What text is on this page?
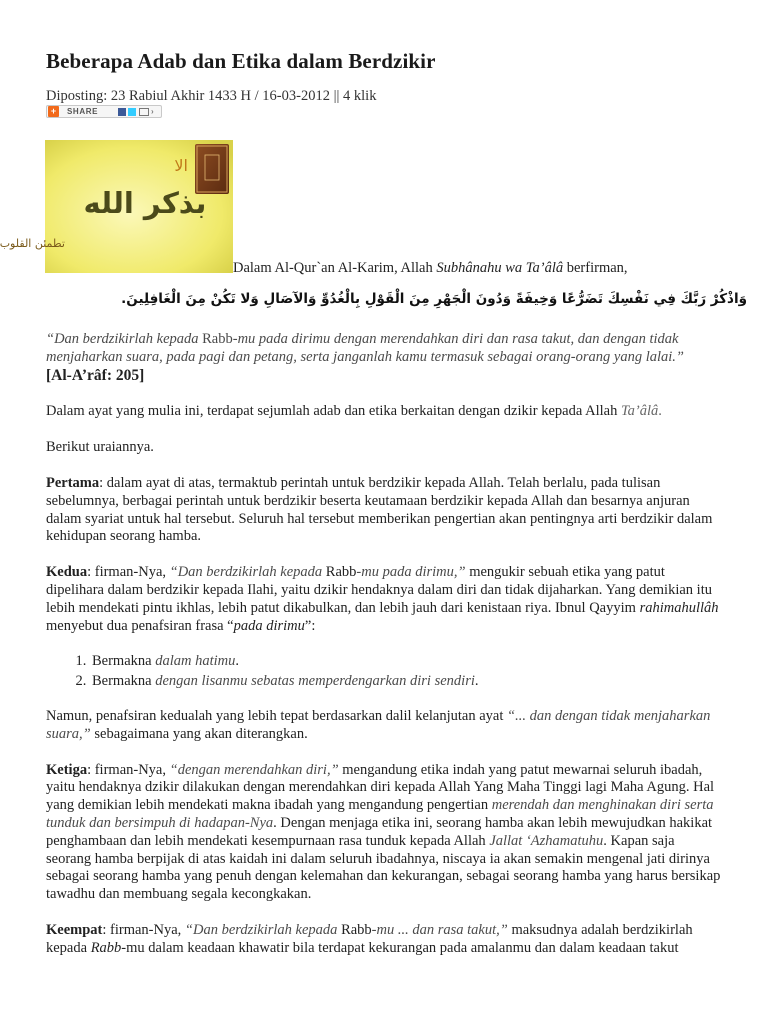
Beberapa Adab dan Etika dalam Berdzikir
Diposting: 23 Rabiul Akhir 1433 H / 16-03-2012 || 4 klik
+	SHARE	›
الا
بذكر الله
تطمئن القلوب
Dalam Al-Qur`an Al-Karim, Allah Subhânahu wa Ta’âlâ berfirman,
وَاذْكُرْ رَبَّكَ فِي نَفْسِكَ تَضَرُّعًا وَخِيفَةً وَدُونَ الْجَهْرِ مِنَ الْقَوْلِ بِالْغُدُوِّ وَالآصَالِ وَلا تَكُنْ مِنَ الْغَافِلِينَ.

“Dan berdzikirlah kepada Rabb-mu pada dirimu dengan merendahkan diri dan rasa takut, dan dengan tidak menjaharkan suara, pada pagi dan petang, serta janganlah kamu termasuk sebagai orang-orang yang lalai.”

[Al-A’râf: 205]

Dalam ayat yang mulia ini, terdapat sejumlah adab dan etika berkaitan dengan dzikir kepada Allah Ta’âlâ.

Berikut uraiannya.

Pertama: dalam ayat di atas, termaktub perintah untuk berdzikir kepada Allah. Telah berlalu, pada tulisan sebelumnya, berbagai perintah untuk berdzikir beserta keutamaan berdzikir kepada Allah dan besarnya anjuran dalam syariat untuk hal tersebut. Seluruh hal tersebut memberikan pengertian akan pentingnya arti berdzikir dalam kehidupan seorang hamba.

Kedua: firman-Nya, “Dan berdzikirlah kepada Rabb-mu pada dirimu,” mengukir sebuah etika yang patut dipelihara dalam berdzikir kepada Ilahi, yaitu dzikir hendaknya dalam diri dan tidak dijaharkan. Yang demikian itu lebih mendekati pintu ikhlas, lebih patut dikabulkan, dan lebih jauh dari kenistaan riya. Ibnul Qayyim rahimahullâh menyebut dua penafsiran frasa “pada dirimu”:

1. Bermakna dalam hatimu.
2. Bermakna dengan lisanmu sebatas memperdengarkan diri sendiri.

Namun, penafsiran kedualah yang lebih tepat berdasarkan dalil kelanjutan ayat “... dan dengan tidak menjaharkan suara,” sebagaimana yang akan diterangkan.

Ketiga: firman-Nya, “dengan merendahkan diri,” mengandung etika indah yang patut mewarnai seluruh ibadah, yaitu hendaknya dzikir dilakukan dengan merendahkan diri kepada Allah Yang Maha Tinggi lagi Maha Agung. Hal yang demikian lebih mendekati makna ibadah yang mengandung pengertian merendah dan menghinakan diri serta tunduk dan bersimpuh di hadapan-Nya. Dengan menjaga etika ini, seorang hamba akan lebih mewujudkan hakikat penghambaan dan lebih mendekati kesempurnaan rasa tunduk kepada Allah Jallat ‘Azhamatuhu. Kapan saja seorang hamba berpijak di atas kaidah ini dalam seluruh ibadahnya, niscaya ia akan semakin mengenal jati dirinya sebagai seorang hamba yang penuh dengan kelemahan dan kekurangan, sebagai seorang hamba yang harus bersikap tawadhu dan membuang segala kecongkakan.

Keempat: firman-Nya, “Dan berdzikirlah kepada Rabb-mu ... dan rasa takut,” maksudnya adalah berdzikirlah kepada Rabb-mu dalam keadaan khawatir bila terdapat kekurangan pada amalanmu dan dalam keadaan takut
